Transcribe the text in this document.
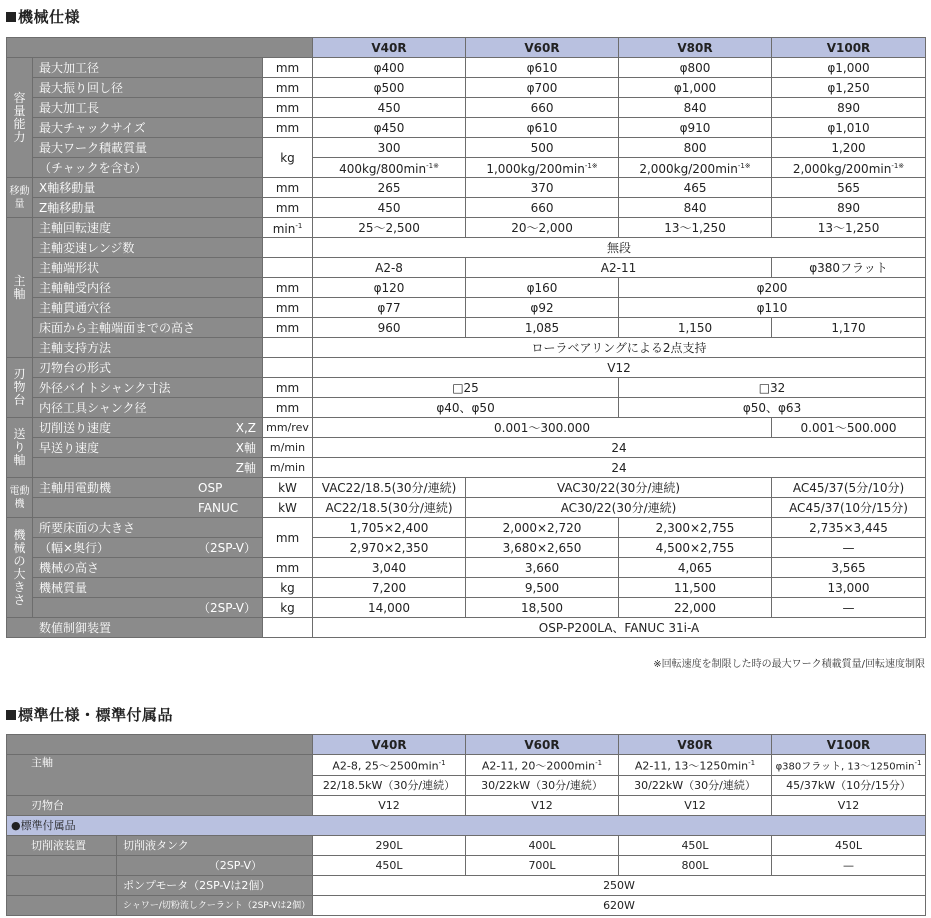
機械仕様
			V40R	V60R	V80R	V100R
容量能力	最大加工径	mm	φ400	φ610	φ800	φ1,000
	最大振り回し径	mm	φ500	φ700	φ1,000	φ1,250
	最大加工長	mm	450	660	840	890
	最大チャックサイズ	mm	φ450	φ610	φ910	φ1,010
	最大ワーク積載質量	kg	300	500	800	1,200
	（チャックを含む）		$400kg/800\min^{-1※}$	$1,000kg/200\min^{-1※}$	$2,000kg/200\min^{-1※}$	$2,000kg/200\min^{-1※}$
移動量	X軸移動量	mm	265	370	465	565
	Z軸移動量	mm	450	660	840	890
主軸	主軸回転速度	$\min^{-1}$	25～2,500	20～2,000	13～1,250	13～1,250
	主軸変速レンジ数		無段			
	主軸端形状		A2-8	A2-11		φ380フラット
	主軸軸受内径	mm	φ120	φ160	φ200	
	主軸貫通穴径	mm	φ77	φ92	φ110	
	床面から主軸端面までの高さ	mm	960	1,085	1,150	1,170
	主軸支持方法		ローラベアリングによる2点支持			
刃物台	刃物台の形式		V12			
	外径バイトシャンク寸法	mm	□25		□32	
	内径工具シャンク径	mm	φ40、φ50		φ50、φ63	
送り軸	切削送り速度 X,Z	mm/rev	0.001～300.000			0.001～500.000

	早送り速度 X軸	m/min	24			

	Z軸	m/min	24			
電動機	主軸用電動機 OSP	kW	VAC22/18.5(30分/連続)	VAC30/22(30分/連続)		AC45/37(5分/10分)

	FANUC	kW	AC22/18.5(30分/連続)	AC30/22(30分/連続)		AC45/37(10分/15分)
機械の大きさ	所要床面の大きさ	mm	1,705×2,400	2,000×2,720	2,300×2,755	2,735×3,445

	（幅×奥行） （2SP-V）		2,970×2,350	3,680×2,650	4,500×2,755	—
	機械の高さ	mm	3,040	3,660	4,065	3,565
	機械質量	kg	7,200	9,500	11,500	13,000

	（2SP-V）	kg	14,000	18,500	22,000	—
数値制御装置			OSP-P200LA、FANUC 31i-A			
※回転速度を制限した時の最大ワーク積載質量/回転速度制限
標準仕様・標準付属品
		V40R	V60R	V80R	V100R
主軸		A2-8, $25\sim 2500\min^{-1}$	A2-11, $20\sim 2000\min^{-1}$	A2-11, $13\sim 1250\min^{-1}$	φ380フラット, $13\sim 1250\min^{-1}$
		22/18.5kW（30分/連続）	30/22kW（30分/連続）	30/22kW（30分/連続）	45/37kW（10分/15分）
刃物台		V12	V12	V12	V12
●標準付属品					
切削液装置	切削液タンク	290L	400L	450L	450L
	（2SP-V）	450L	700L	800L	—
	ポンプモータ（2SP-Vは2個）	250W			
	シャワー/切粉流しクーラント（2SP-Vは2個）	620W			
